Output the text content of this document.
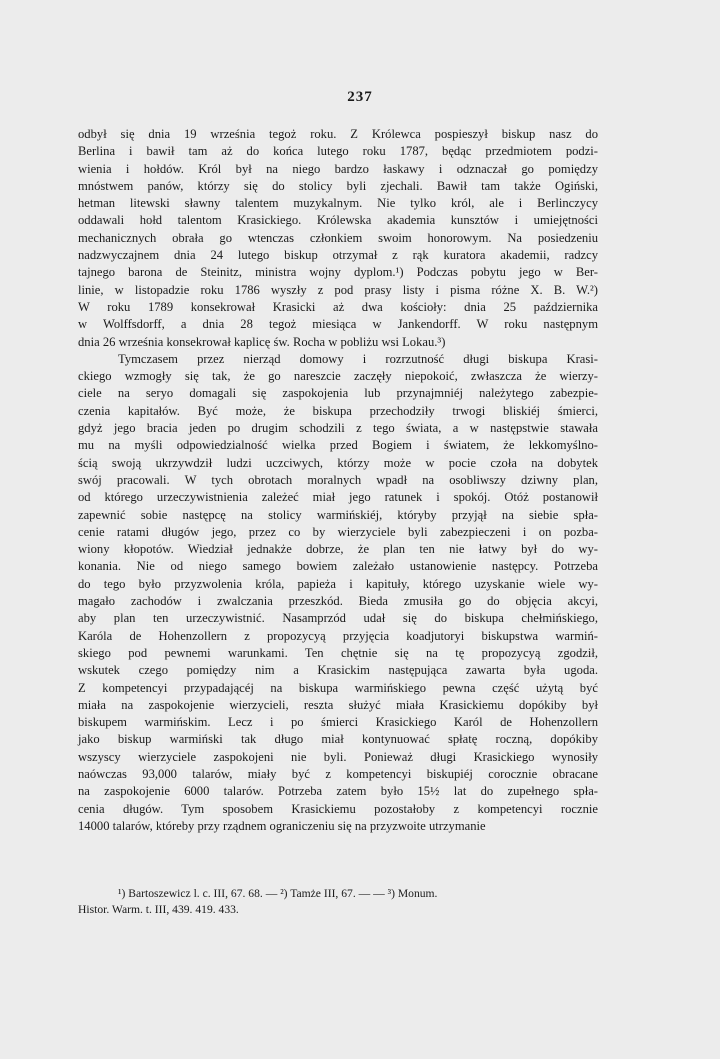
237
odbył się dnia 19 września tegoż roku. Z Królewca pospieszył biskup nasz do
Berlina i bawił tam aż do końca lutego roku 1787, będąc przedmiotem podzi-
wienia i hołdów. Król był na niego bardzo łaskawy i odznaczał go pomiędzy
mnóstwem panów, którzy się do stolicy byli zjechali. Bawił tam także Ogiński,
hetman litewski sławny talentem muzykalnym. Nie tylko król, ale i Berlinczycy
oddawali hołd talentom Krasickiego. Królewska akademia kunsztów i umiejętności
mechanicznych obrała go wtenczas członkiem swoim honorowym. Na posiedzeniu
nadzwyczajnem dnia 24 lutego biskup otrzymał z rąk kuratora akademii, radzcy
tajnego barona de Steinitz, ministra wojny dyplom.¹) Podczas pobytu jego w Ber-
linie, w listopadzie roku 1786 wyszły z pod prasy listy i pisma różne X. B. W.²)
W roku 1789 konsekrował Krasicki aż dwa kościoły: dnia 25 października
w Wolffsdorff, a dnia 28 tegoż miesiąca w Jankendorff. W roku następnym
dnia 26 września konsekrował kaplicę św. Rocha w pobliżu wsi Lokau.³)
Tymczasem przez nierząd domowy i rozrzutność długi biskupa Krasi-
ckiego wzmogły się tak, że go nareszcie zaczęły niepokoić, zwłaszcza że wierzy-
ciele na seryo domagali się zaspokojenia lub przynajmniéj należytego zabezpie-
czenia kapitałów. Być może, że biskupa przechodziły trwogi bliskiéj śmierci,
gdyż jego bracia jeden po drugim schodzili z tego świata, a w następstwie stawała
mu na myśli odpowiedzialność wielka przed Bogiem i światem, że lekkomyślno-
ścią swoją ukrzywdził ludzi uczciwych, którzy może w pocie czoła na dobytek
swój pracowali. W tych obrotach moralnych wpadł na osobliwszy dziwny plan,
od którego urzeczywistnienia zależeć miał jego ratunek i spokój. Otóż postanowił
zapewnić sobie następcę na stolicy warmińskiéj, któryby przyjął na siebie spła-
cenie ratami długów jego, przez co by wierzyciele byli zabezpieczeni i on pozba-
wiony kłopotów. Wiedział jednakże dobrze, że plan ten nie łatwy był do wy-
konania. Nie od niego samego bowiem zależało ustanowienie następcy. Potrzeba
do tego było przyzwolenia króla, papieża i kapituły, którego uzyskanie wiele wy-
magało zachodów i zwalczania przeszkód. Bieda zmusiła go do objęcia akcyi,
aby plan ten urzeczywistnić. Nasamprzód udał się do biskupa chełmińskiego,
Karóla de Hohenzollern z propozycyą przyjęcia koadjutoryi biskupstwa warmiń-
skiego pod pewnemi warunkami. Ten chętnie się na tę propozycyą zgodził,
wskutek czego pomiędzy nim a Krasickim następująca zawarta była ugoda.
Z kompetencyi przypadającéj na biskupa warmińskiego pewna część użytą być
miała na zaspokojenie wierzycieli, reszta służyć miała Krasickiemu dopókiby był
biskupem warmińskim. Lecz i po śmierci Krasickiego Karól de Hohenzollern
jako biskup warmiński tak długo miał kontynuować spłatę roczną, dopókiby
wszyscy wierzyciele zaspokojeni nie byli. Ponieważ długi Krasickiego wynosiły
naówczas 93,000 talarów, miały być z kompetencyi biskupiéj corocznie obracane
na zaspokojenie 6000 talarów. Potrzeba zatem było 15½ lat do zupełnego spła-
cenia długów. Tym sposobem Krasickiemu pozostałoby z kompetencyi rocznie
14000 talarów, któreby przy rządnem ograniczeniu się na przyzwoite utrzymanie
¹) Bartoszewicz l. c. III, 67. 68. — ²) Tamże III, 67. — — ³) Monum.
Histor. Warm. t. III, 439. 419. 433.
